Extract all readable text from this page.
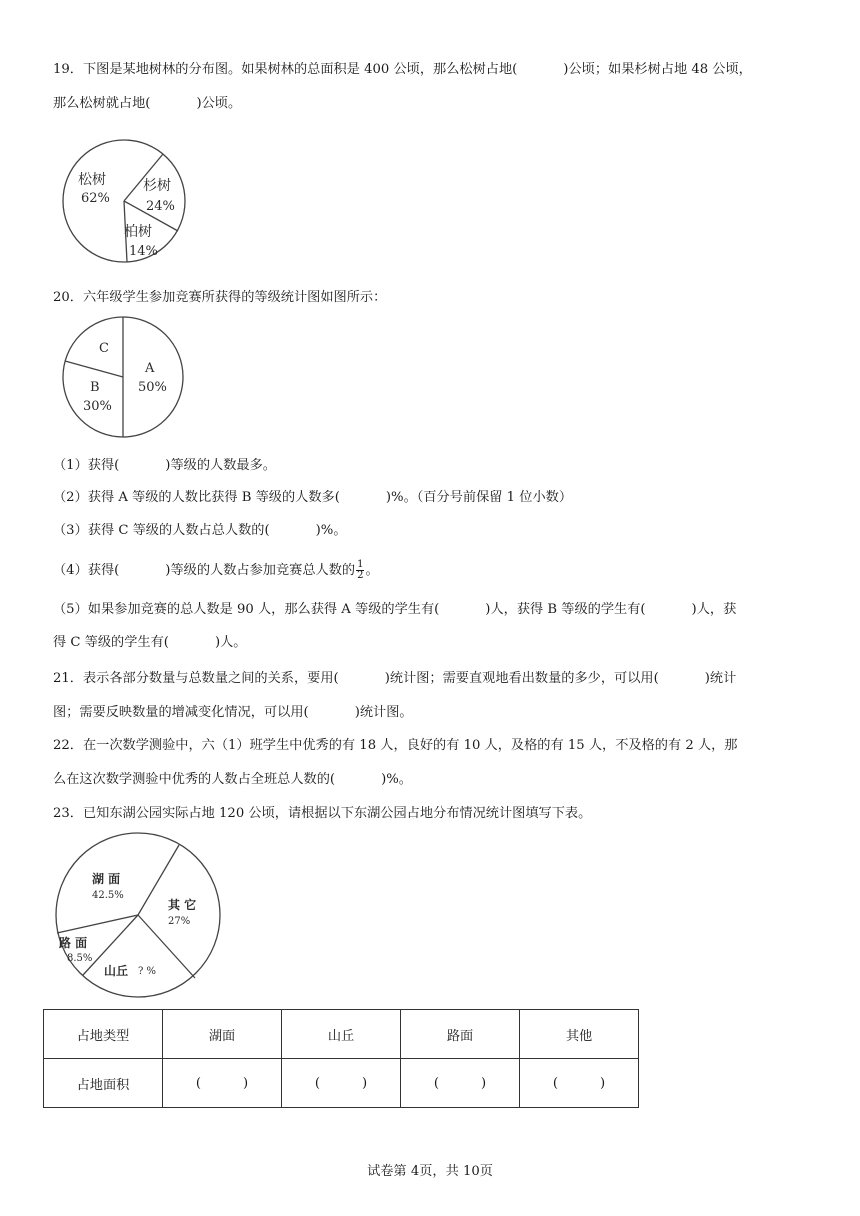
19．下图是某地树林的分布图。如果树林的总面积是 400 公顷，那么松树占地(	)公顷；如果杉树占地 48 公顷，
那么松树就占地(	)公顷。
松树
62%
杉树
24%
柏树
14%
20．六年级学生参加竞赛所获得的等级统计图如图所示：
A
50%
B
30%
C
（1）获得(	)等级的人数最多。
（2）获得 A 等级的人数比获得 B 等级的人数多(	)%。（百分号前保留 1 位小数）
（3）获得 C 等级的人数占总人数的(	)%。
（4）获得(	)等级的人数占参加竞赛总人数的 $\frac{1}{2}$ 。
（5）如果参加竞赛的总人数是 90 人，那么获得 A 等级的学生有(	)人，获得 B 等级的学生有(	)人，获
得 C 等级的学生有(	)人。
21．表示各部分数量与总数量之间的关系，要用(	)统计图；需要直观地看出数量的多少，可以用(	)统计
图；需要反映数量的增减变化情况，可以用(	)统计图。
22．在一次数学测验中，六（1）班学生中优秀的有 18 人，良好的有 10 人，及格的有 15 人，不及格的有 2 人，那
么在这次数学测验中优秀的人数占全班总人数的(	)%。
23．已知东湖公园实际占地 120 公顷，请根据以下东湖公园占地分布情况统计图填写下表。
湖 面
42.5%
其 它
27%
山丘 ? %
路 面
8.5%
占地类型	湖面	山丘	路面	其他
占地面积	(          )	(          )	(          )	(          )
试卷第 4页，共 10页
